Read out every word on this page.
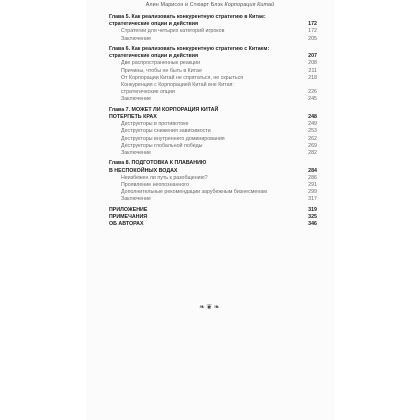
Алин Марисон и Стюарт Блэк Корпорация Китай
Глава 5. Как реализовать конкурентную стратегию в Китае:
стратегические опции и действия	172
Стратегии для четырех категорий игроков	172
Заключение	205
Глава 6. Как реализовать конкурентную стратегию с Китаем:
стратегические опции и действия	207
Две распространенные реакции	208
Причины, чтобы не быть в Китае	211
От Корпорации Китай не спрятаться, не скрыться	218
Конкуренция с Корпорацией Китай вне Китая:
стратегические опции	226
Заключение	245
Глава 7. МОЖЕТ ЛИ КОРПОРАЦИЯ КИТАЙ
ПОТЕРПЕТЬ КРАХ	248
Деструкторы в противотоке	249
Деструкторы снижения зависимости	253
Деструкторы внутреннего доминирования	262
Деструкторы глобальной победы	269
Заключение	282
Глава 8. ПОДГОТОВКА К ПЛАВАНИЮ
В НЕСПОКОЙНЫХ ВОДАХ	284
Неизбежен ли путь к разобщению?	286
Проявление неопознанного	291
Дополнительные рекомендации зарубежным бизнесменам	299
Заключение	317
ПРИЛОЖЕНИЕ	319
ПРИМЕЧАНИЯ	325
ОБ АВТОРАХ	346
❧❦❧
